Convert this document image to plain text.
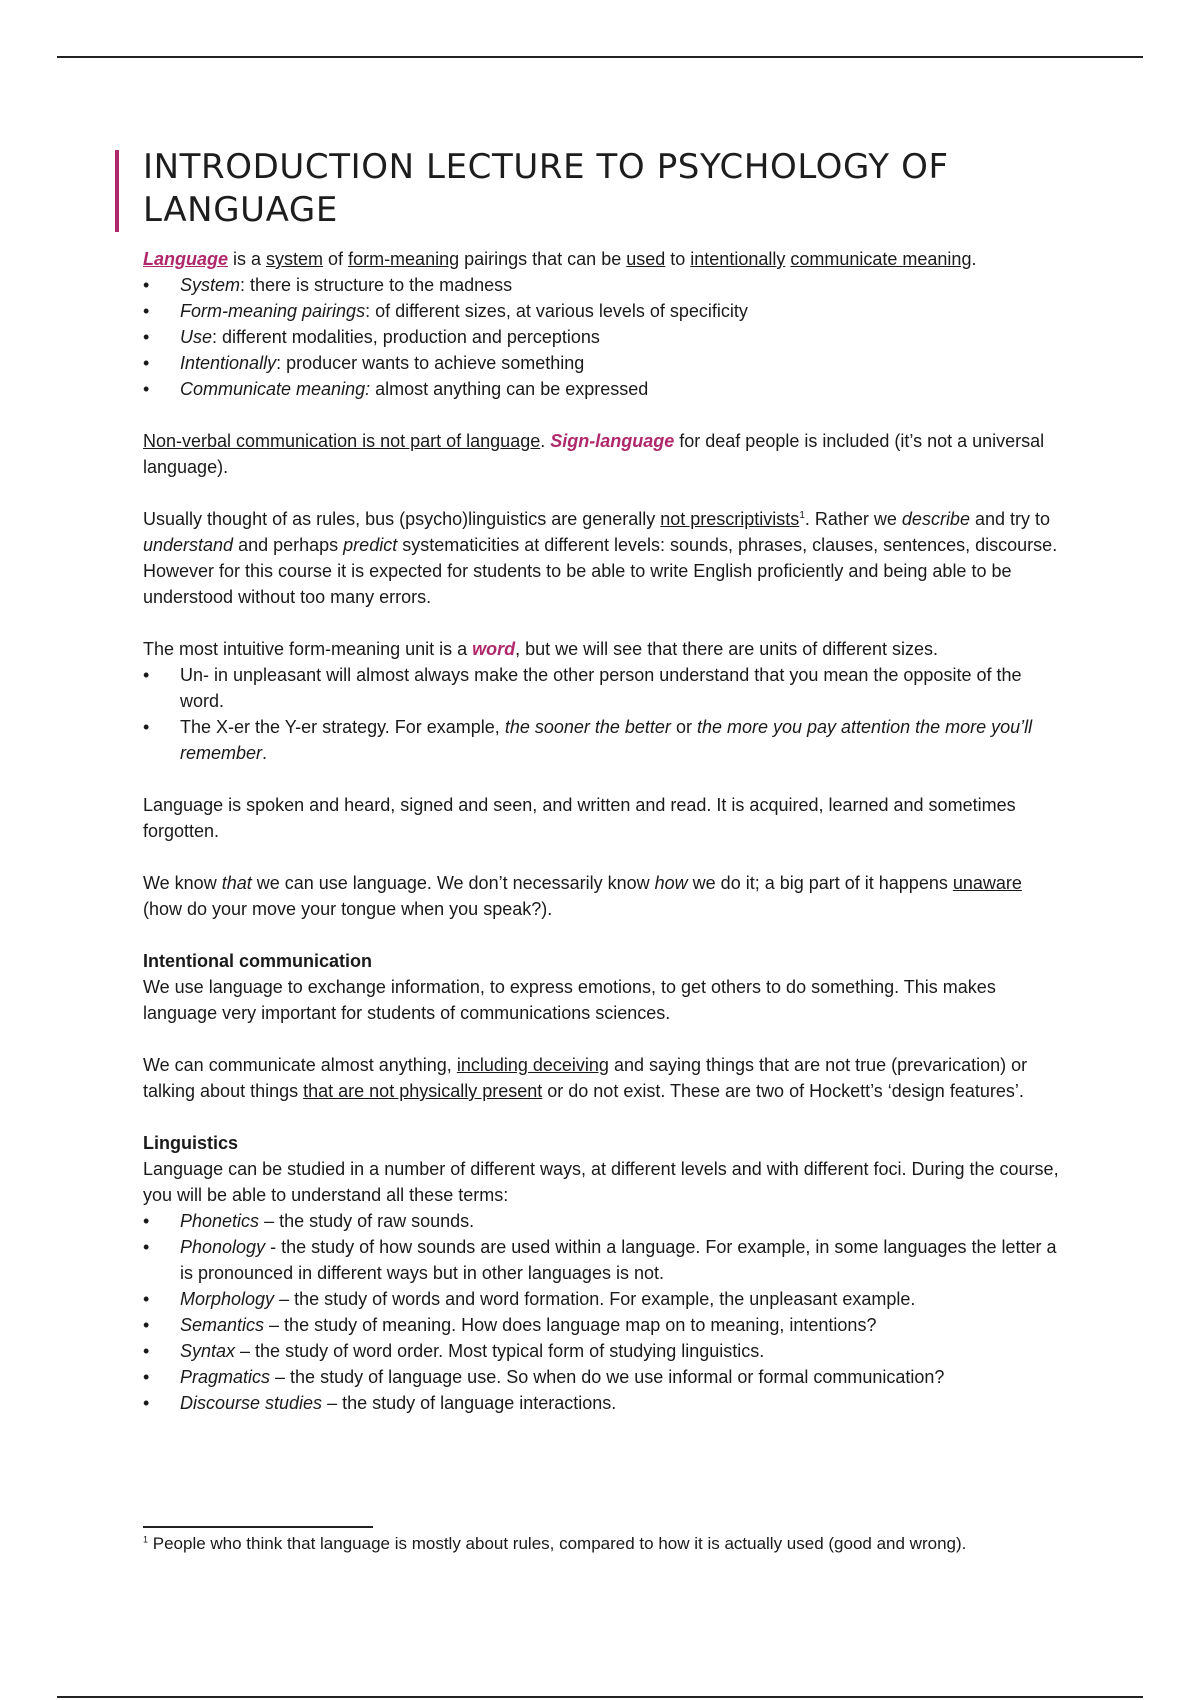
INTRODUCTION LECTURE TO PSYCHOLOGY OF LANGUAGE

Language is a system of form-meaning pairings that can be used to intentionally communicate meaning.

• System: there is structure to the madness
• Form-meaning pairings: of different sizes, at various levels of specificity
• Use: different modalities, production and perceptions
• Intentionally: producer wants to achieve something
• Communicate meaning: almost anything can be expressed

Non-verbal communication is not part of language. Sign-language for deaf people is included (it’s not a universal language).

Usually thought of as rules, bus (psycho)linguistics are generally not prescriptivists$^1$. Rather we describe and try to understand and perhaps predict systematicities at different levels: sounds, phrases, clauses, sentences, discourse.

However for this course it is expected for students to be able to write English proficiently and being able to be understood without too many errors.

The most intuitive form-meaning unit is a word, but we will see that there are units of different sizes.

• Un- in unpleasant will almost always make the other person understand that you mean the opposite of the word.
• The X-er the Y-er strategy. For example, the sooner the better or the more you pay attention the more you’ll remember.

Language is spoken and heard, signed and seen, and written and read. It is acquired, learned and sometimes forgotten.

We know that we can use language. We don’t necessarily know how we do it; a big part of it happens unaware (how do your move your tongue when you speak?).

Intentional communication

We use language to exchange information, to express emotions, to get others to do something. This makes language very important for students of communications sciences.

We can communicate almost anything, including deceiving and saying things that are not true (prevarication) or talking about things that are not physically present or do not exist. These are two of Hockett’s ‘design features’.

Linguistics

Language can be studied in a number of different ways, at different levels and with different foci. During the course, you will be able to understand all these terms:

• Phonetics – the study of raw sounds.
• Phonology - the study of how sounds are used within a language. For example, in some languages the letter a is pronounced in different ways but in other languages is not.
• Morphology – the study of words and word formation. For example, the unpleasant example.
• Semantics – the study of meaning. How does language map on to meaning, intentions?
• Syntax – the study of word order. Most typical form of studying linguistics.
• Pragmatics – the study of language use. So when do we use informal or formal communication?
• Discourse studies – the study of language interactions.

$^1$ People who think that language is mostly about rules, compared to how it is actually used (good and wrong).
